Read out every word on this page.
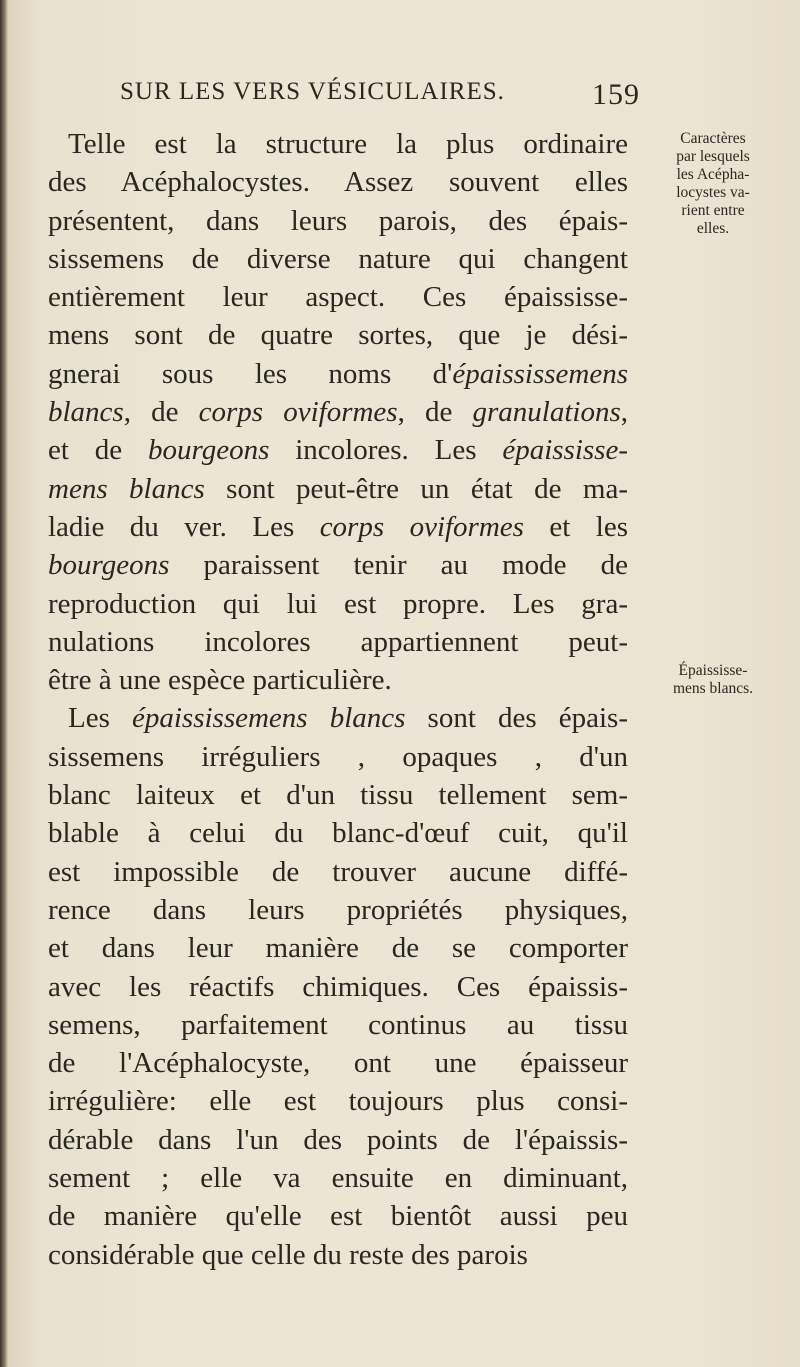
SUR LES VERS VÉSICULAIRES.	159
Telle est la structure la plus ordinaire
des Acéphalocystes. Assez souvent elles
présentent, dans leurs parois, des épais-
sissemens de diverse nature qui changent
entièrement leur aspect. Ces épaississe-
mens sont de quatre sortes, que je dési-
gnerai sous les noms d'épaississemens
blancs, de corps oviformes, de granulations,
et de bourgeons incolores. Les épaississe-
mens blancs sont peut-être un état de ma-
ladie du ver. Les corps oviformes et les
bourgeons paraissent tenir au mode de
reproduction qui lui est propre. Les gra-
nulations incolores appartiennent peut-
être à une espèce particulière.
Les épaississemens blancs sont des épais-
sissemens irréguliers , opaques , d'un
blanc laiteux et d'un tissu tellement sem-
blable à celui du blanc-d'œuf cuit, qu'il
est impossible de trouver aucune diffé-
rence dans leurs propriétés physiques,
et dans leur manière de se comporter
avec les réactifs chimiques. Ces épaissis-
semens, parfaitement continus au tissu
de l'Acéphalocyste, ont une épaisseur
irrégulière: elle est toujours plus consi-
dérable dans l'un des points de l'épaissis-
sement ; elle va ensuite en diminuant,
de manière qu'elle est bientôt aussi peu
considérable que celle du reste des parois
Caractères
par lesquels
les Acépha-
locystes va-
rient entre
elles.
Épaississe-
mens blancs.
